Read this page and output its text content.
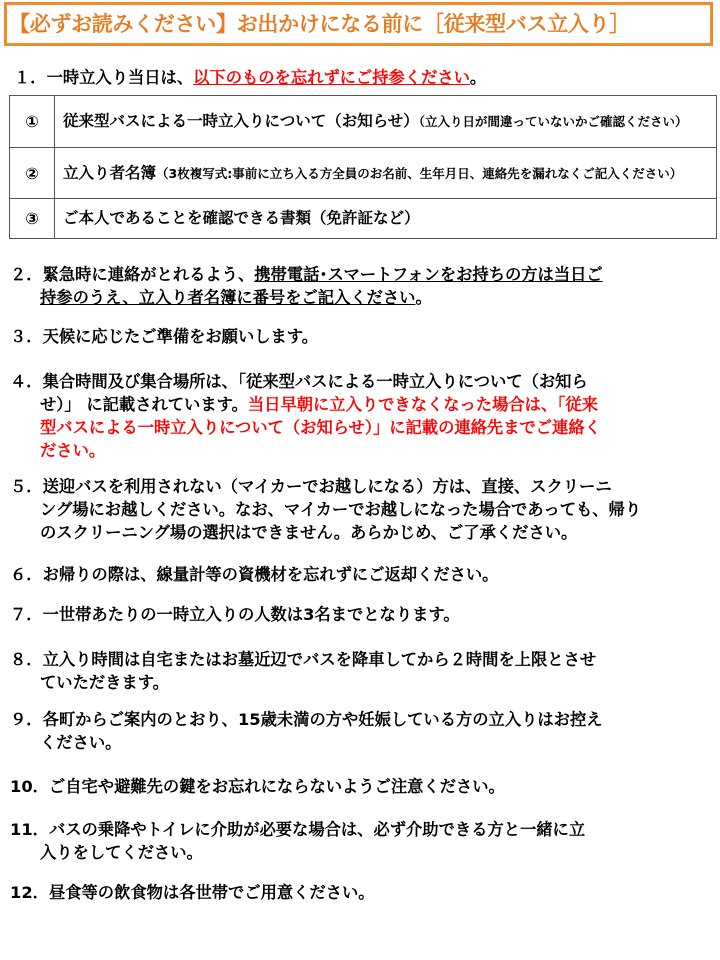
【必ずお読みください】お出かけになる前に［従来型バス立入り］
１．一時立入り当日は、以下のものを忘れずにご持参ください。
①	従来型バスによる一時立入りについて（お知らせ）（立入り日が間違っていないかご確認ください）
②	立入り者名簿（3枚複写式:事前に立ち入る方全員のお名前、生年月日、連絡先を漏れなくご記入ください）
③	ご本人であることを確認できる書類（免許証など）
２．緊急時に連絡がとれるよう、携帯電話･スマートフォンをお持ちの方は当日ご
持参のうえ、立入り者名簿に番号をご記入ください。
３．天候に応じたご準備をお願いします。
４．集合時間及び集合場所は、「従来型バスによる一時立入りについて（お知ら
せ）」 に記載されています。当日早朝に立入りできなくなった場合は、「従来
型バスによる一時立入りについて（お知らせ）」に記載の連絡先までご連絡く
ださい。
５．送迎バスを利用されない（マイカーでお越しになる）方は、直接、スクリーニ
ング場にお越しください。なお、マイカーでお越しになった場合であっても、帰り
のスクリーニング場の選択はできません。あらかじめ、ご了承ください。
６．お帰りの際は、線量計等の資機材を忘れずにご返却ください。
７．一世帯あたりの一時立入りの人数は3名までとなります。
８．立入り時間は自宅またはお墓近辺でバスを降車してから２時間を上限とさせ
ていただきます。
９．各町からご案内のとおり、15歳未満の方や妊娠している方の立入りはお控え
ください。
10．ご自宅や避難先の鍵をお忘れにならないようご注意ください。
11．バスの乗降やトイレに介助が必要な場合は、必ず介助できる方と一緒に立
入りをしてください。
12．昼食等の飲食物は各世帯でご用意ください。
